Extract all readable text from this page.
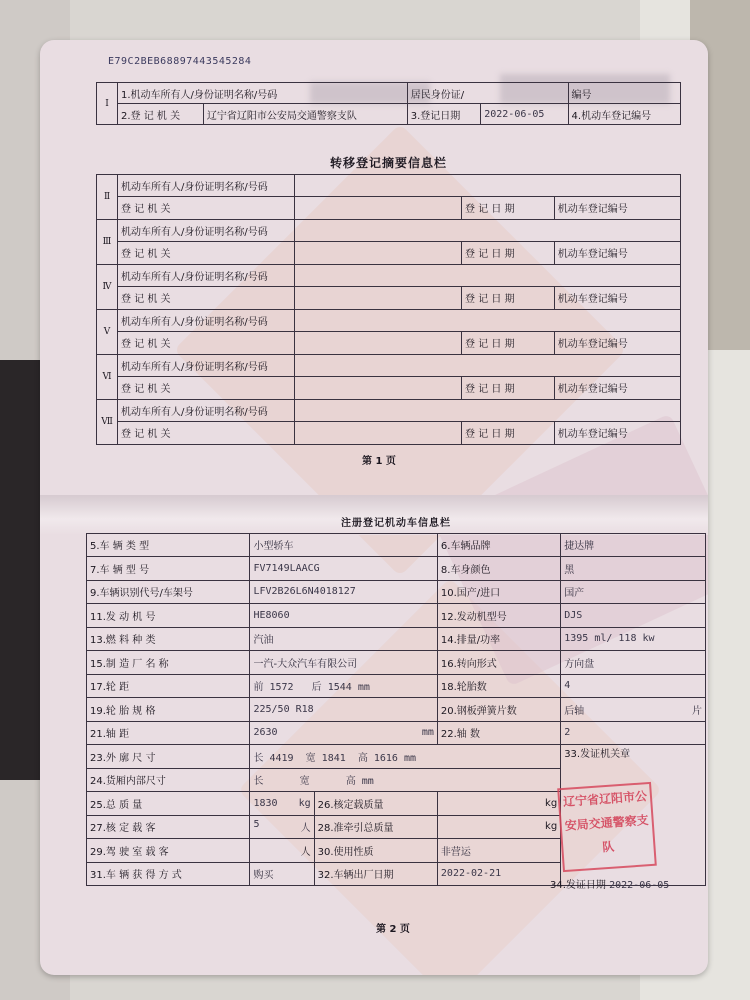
E79C2BEB68897443545284
Ⅰ	1.机动车所有人/身份证明名称/号码		居民身份证/		编号
	2.登 记 机 关	辽宁省辽阳市公安局交通警察支队	3.登记日期	2022-06-05	4.机动车登记编号
转移登记摘要信息栏				
Ⅱ	机动车所有人/身份证明名称/号码			
	登 记 机 关		登 记 日 期	机动车登记编号
Ⅲ	机动车所有人/身份证明名称/号码			
	登 记 机 关		登 记 日 期	机动车登记编号
Ⅳ	机动车所有人/身份证明名称/号码			
	登 记 机 关		登 记 日 期	机动车登记编号
Ⅴ	机动车所有人/身份证明名称/号码			
	登 记 机 关		登 记 日 期	机动车登记编号
Ⅵ	机动车所有人/身份证明名称/号码			
	登 记 机 关		登 记 日 期	机动车登记编号
Ⅶ	机动车所有人/身份证明名称/号码			
	登 记 机 关		登 记 日 期	机动车登记编号
第 1 页
注册登记机动车信息栏				
5.车 辆 类 型	小型轿车		6.车辆品牌	捷达牌
7.车 辆 型 号	FV7149LAACG		8.车身颜色	黑
9.车辆识别代号/车架号	LFV2B26L6N4018127		10.国产/进口	国产
11.发 动 机 号	HE8060		12.发动机型号	DJS
13.燃 料 种 类	汽油		14.排量/功率	1395 ml/ 118 kw
15.制 造 厂 名 称	一汽-大众汽车有限公司		16.转向形式	方向盘
17.轮 距	前 1572 后 1544 mm		18.轮胎数	4
19.轮 胎 规 格	225/50 R18		20.钢板弹簧片数	后轴 片

21.轴 距	2630 mm		22.轴 数	2
23.外 廓 尺 寸	长 4419 宽 1841 高 1616 mm			33.发证机关章
24.货厢内部尺寸	长 宽 高 mm			
25.总 质 量	1830 kg	26.核定载质量	kg	
27.核 定 载 客	5 人	28.准牵引总质量	kg	
29.驾 驶 室 载 客	人	30.使用性质	非营运	
31.车 辆 获 得 方 式	购买	32.车辆出厂日期	2022-02-21	
辽宁省辽阳市公安局交通警察支队
34.发证日期 2022-06-05
第 2 页
